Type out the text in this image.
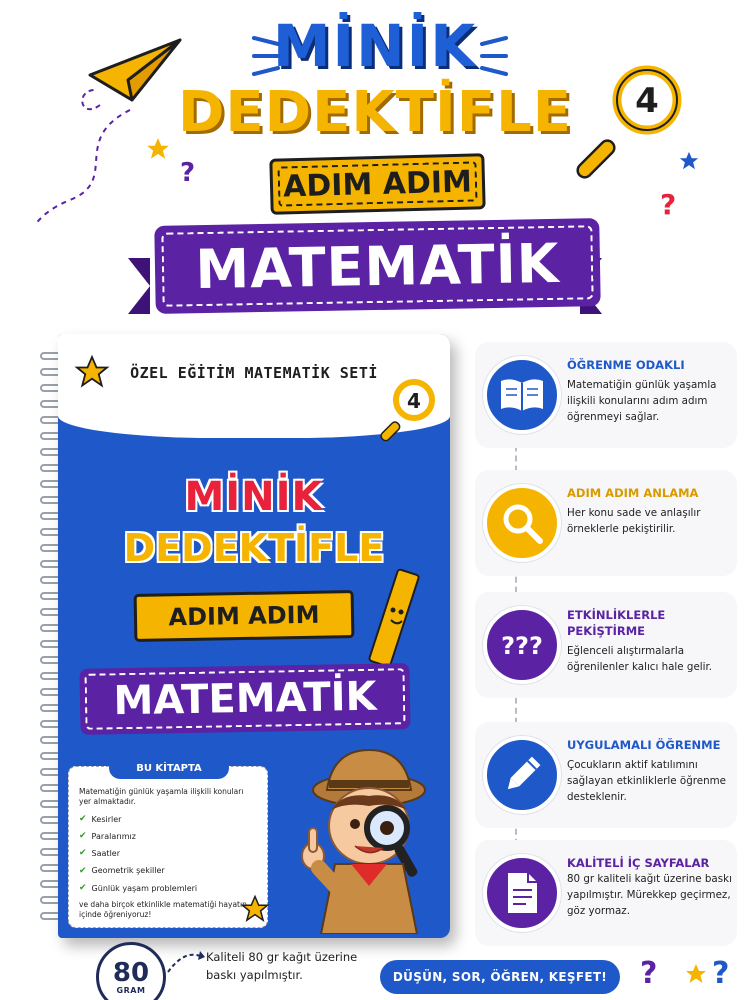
MİNİK
DEDEKTİFLE
ADIM ADIM
MATEMATİK
?
4
?
ÖZEL EĞİTİM MATEMATİK SETİ
4
MİNİK
DEDEKTİFLE
ADIM ADIM
MATEMATİK
BU KİTAPTA
Matematiğin günlük yaşamla ilişkili konuları yer almaktadır.
✔ Kesirler
✔ Paralarımız
✔ Saatler
✔ Geometrik şekiller
✔ Günlük yaşam problemleri
ve daha birçok etkinlikle matematiği hayatın içinde öğreniyoruz!
ÖĞRENME ODAKLI
Matematiğin günlük yaşamla ilişkili konularını adım adım öğrenmeyi sağlar.
ADIM ADIM ANLAMA
Her konu sade ve anlaşılır örneklerle pekiştirilir.
???
ETKİNLİKLERLE PEKİŞTİRME
Eğlenceli alıştırmalarla öğrenilenler kalıcı hale gelir.
UYGULAMALI ÖĞRENME
Çocukların aktif katılımını sağlayan etkinliklerle öğrenme desteklenir.
KALİTELİ İÇ SAYFALAR
80 gr kaliteli kağıt üzerine baskı yapılmıştır. Mürekkep geçirmez, göz yormaz.
80
GRAM
Kaliteli 80 gr kağıt üzerine baskı yapılmıştır.	DÜŞÜN, SOR, ÖĞREN, KEŞFET!	? ?
